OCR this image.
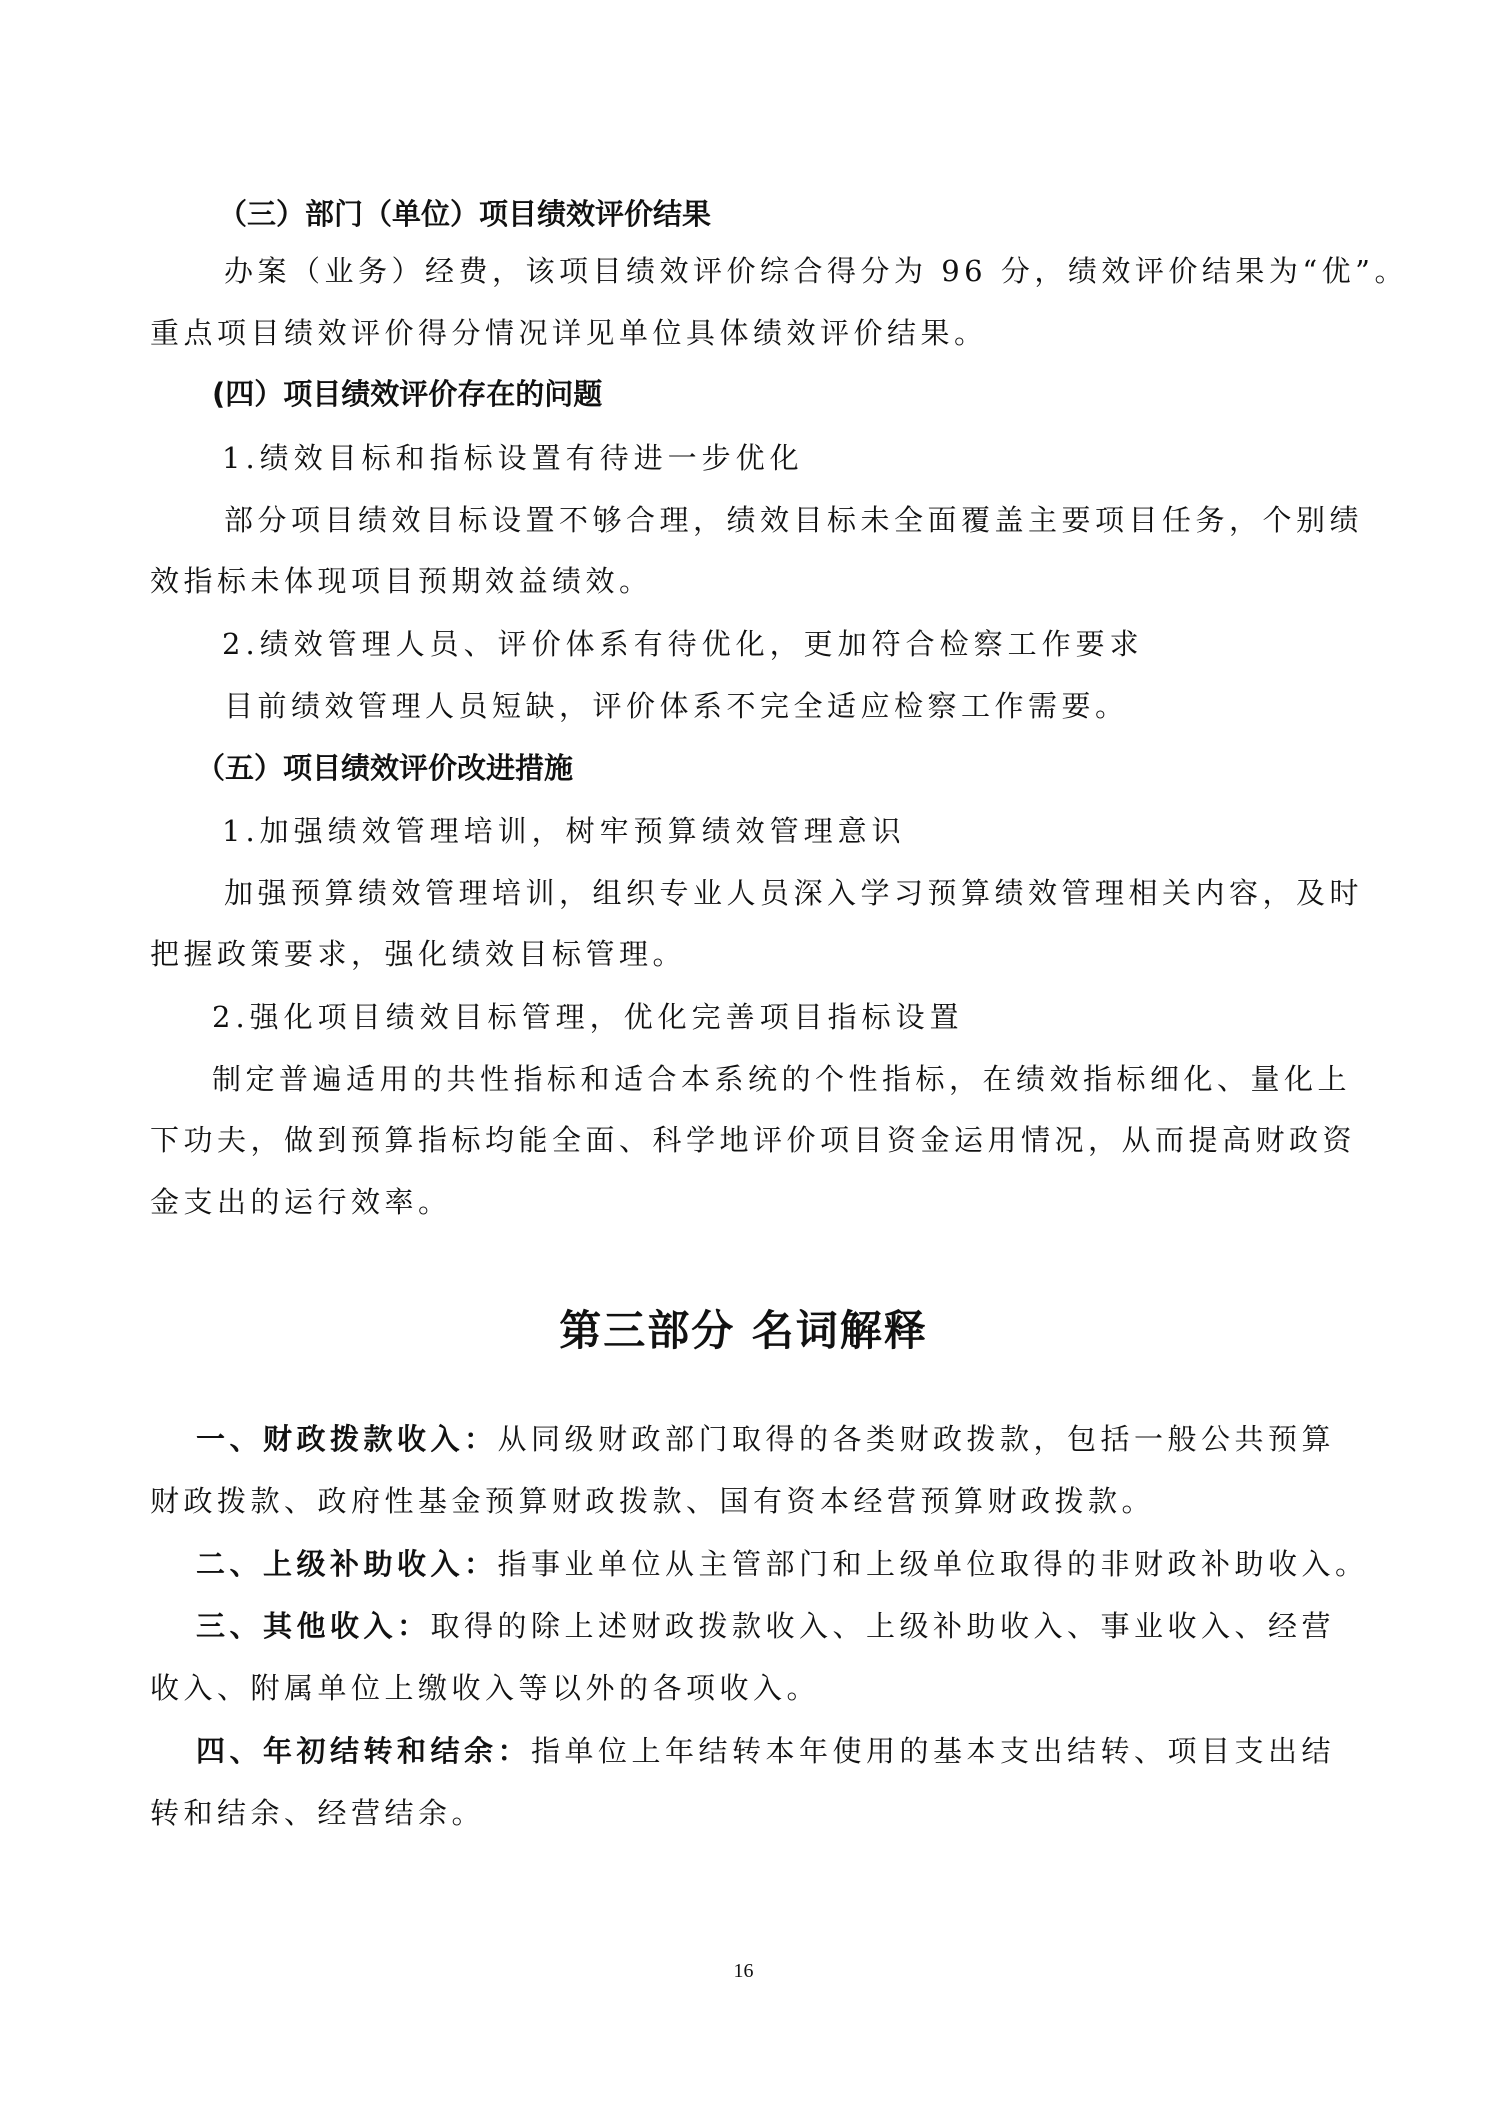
（三）部门（单位）项目绩效评价结果

办案（业务）经费，该项目绩效评价综合得分为 96 分，绩效评价结果为“优”。

重点项目绩效评价得分情况详见单位具体绩效评价结果。

(四）项目绩效评价存在的问题

1.绩效目标和指标设置有待进一步优化

部分项目绩效目标设置不够合理，绩效目标未全面覆盖主要项目任务，个别绩

效指标未体现项目预期效益绩效。

2.绩效管理人员、评价体系有待优化，更加符合检察工作要求

目前绩效管理人员短缺，评价体系不完全适应检察工作需要。

（五）项目绩效评价改进措施

1.加强绩效管理培训，树牢预算绩效管理意识

加强预算绩效管理培训，组织专业人员深入学习预算绩效管理相关内容，及时

把握政策要求，强化绩效目标管理。

2.强化项目绩效目标管理，优化完善项目指标设置

制定普遍适用的共性指标和适合本系统的个性指标，在绩效指标细化、量化上

下功夫，做到预算指标均能全面、科学地评价项目资金运用情况，从而提高财政资

金支出的运行效率。

第三部分 名词解释

一、财政拨款收入：从同级财政部门取得的各类财政拨款，包括一般公共预算

财政拨款、政府性基金预算财政拨款、国有资本经营预算财政拨款。

二、上级补助收入：指事业单位从主管部门和上级单位取得的非财政补助收入。

三、其他收入：取得的除上述财政拨款收入、上级补助收入、事业收入、经营

收入、附属单位上缴收入等以外的各项收入。

四、年初结转和结余：指单位上年结转本年使用的基本支出结转、项目支出结

转和结余、经营结余。

16
